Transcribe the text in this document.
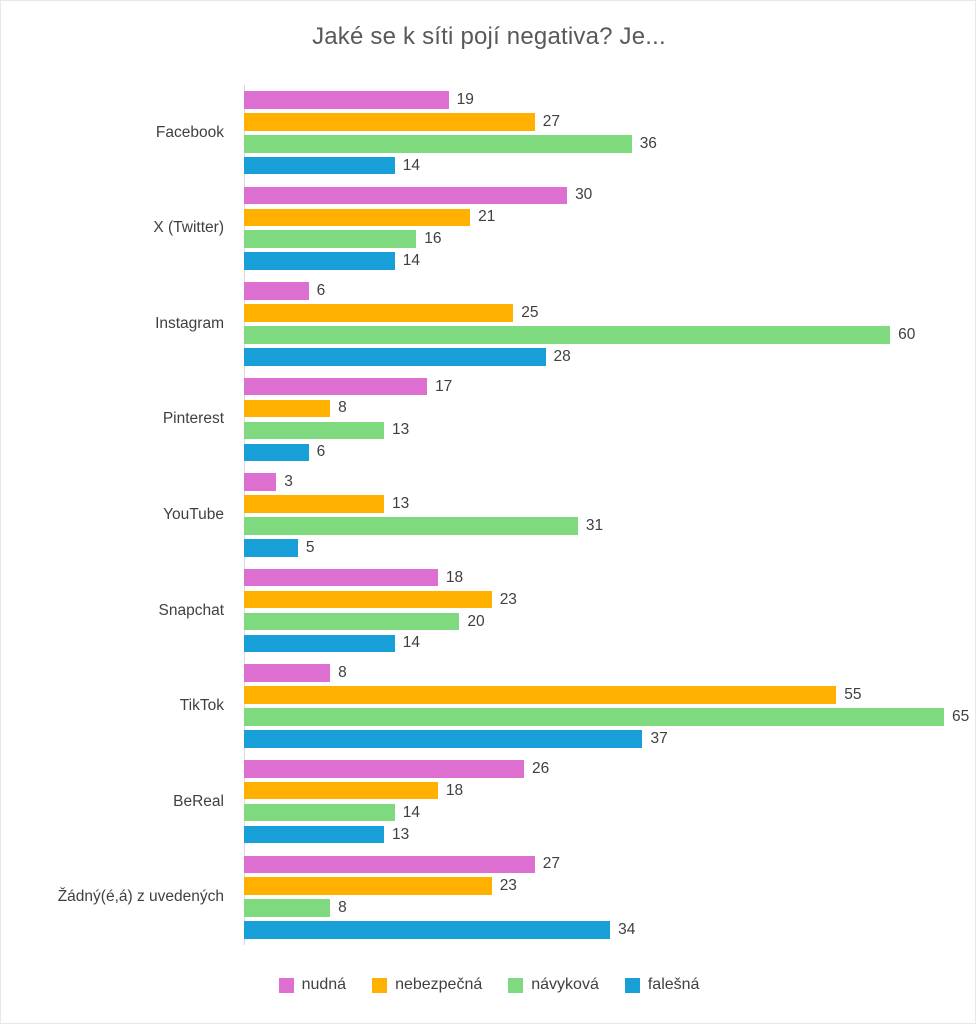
Jaké se k síti pojí negativa? Je...
Facebook
19
27
36
14
X (Twitter)
30
21
16
14
Instagram
6
25
60
28
Pinterest
17
8
13
6
YouTube
3
13
31
5
Snapchat
18
23
20
14
TikTok
8
55
65
37
BeReal
26
18
14
13
Žádný(é,á) z uvedených
27
23
8
34
nudná	nebezpečná	návyková	falešná
